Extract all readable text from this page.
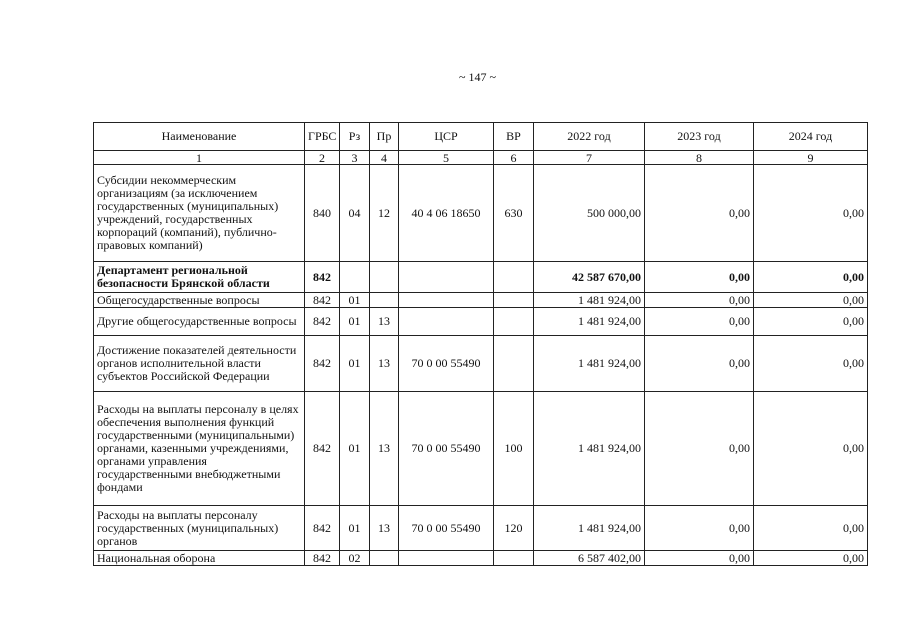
~ 147 ~
Наименование	ГРБС	Рз	Пр	ЦСР	ВР	2022 год	2023 год	2024 год
1	2	3	4	5	6	7	8	9
Субсидии некоммерческим организациям (за исключением государственных (муниципальных) учреждений, государственных корпораций (компаний), публично-правовых компаний)	840	04	12	40 4 06 18650	630	500 000,00	0,00	0,00
Департамент региональной безопасности Брянской области	842					42 587 670,00	0,00	0,00
Общегосударственные вопросы	842	01				1 481 924,00	0,00	0,00
Другие общегосударственные вопросы	842	01	13			1 481 924,00	0,00	0,00
Достижение показателей деятельности органов исполнительной власти субъектов Российской Федерации	842	01	13	70 0 00 55490		1 481 924,00	0,00	0,00
Расходы на выплаты персоналу в целях обеспечения выполнения функций государственными (муниципальными) органами, казенными учреждениями, органами управления государственными внебюджетными фондами	842	01	13	70 0 00 55490	100	1 481 924,00	0,00	0,00
Расходы на выплаты персоналу государственных (муниципальных) органов	842	01	13	70 0 00 55490	120	1 481 924,00	0,00	0,00
Национальная оборона	842	02				6 587 402,00	0,00	0,00
